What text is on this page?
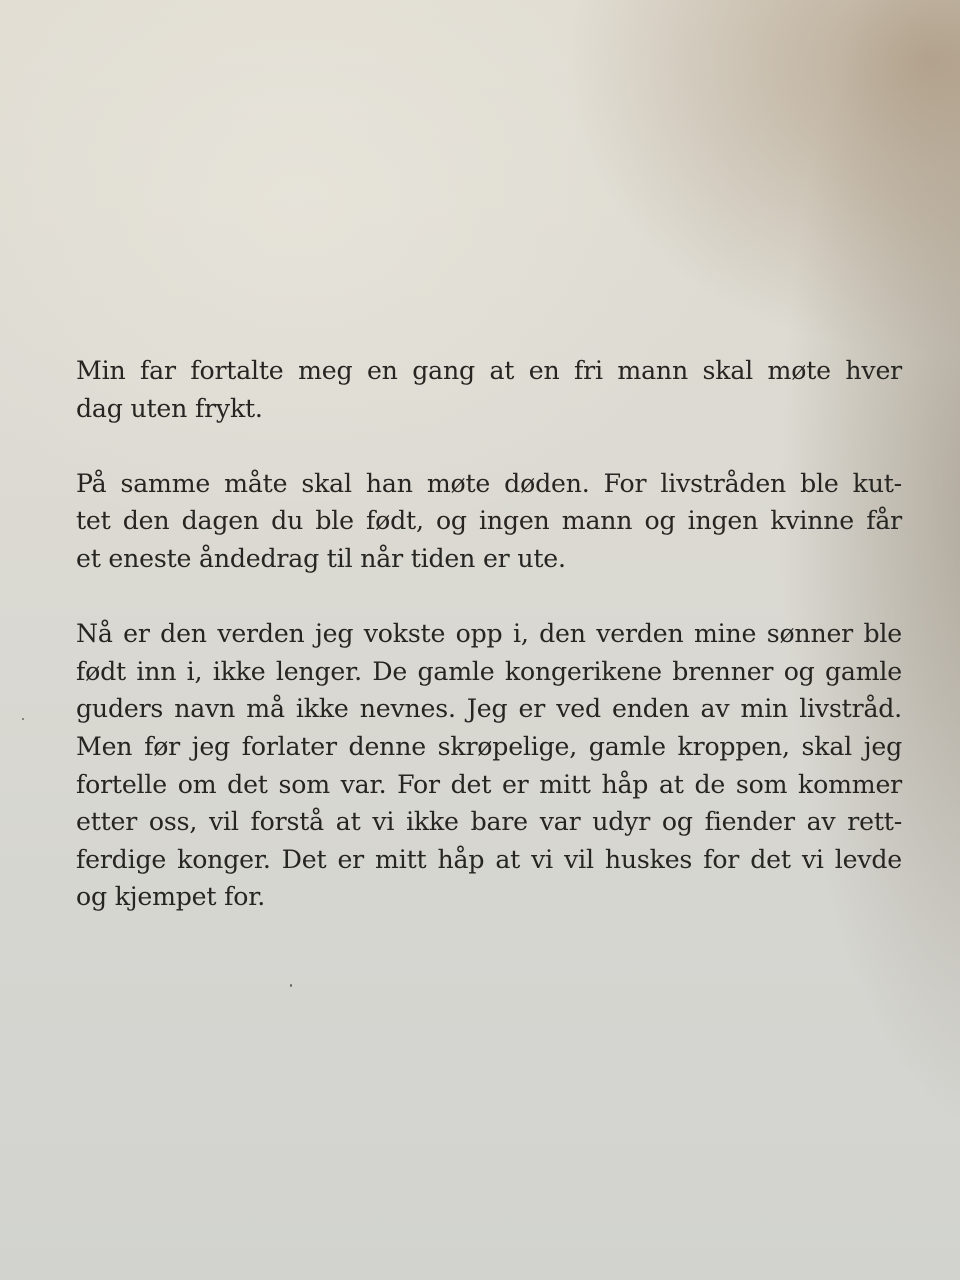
Min far fortalte meg en gang at en fri mann skal møte hver
dag uten frykt.

På samme måte skal han møte døden. For livstråden ble kut-
tet den dagen du ble født, og ingen mann og ingen kvinne får
et eneste åndedrag til når tiden er ute.

Nå er den verden jeg vokste opp i, den verden mine sønner ble
født inn i, ikke lenger. De gamle kongerikene brenner og gamle
guders navn må ikke nevnes. Jeg er ved enden av min livstråd.
Men før jeg forlater denne skrøpelige, gamle kroppen, skal jeg
fortelle om det som var. For det er mitt håp at de som kommer
etter oss, vil forstå at vi ikke bare var udyr og fiender av rett-
ferdige konger. Det er mitt håp at vi vil huskes for det vi levde
og kjempet for.
